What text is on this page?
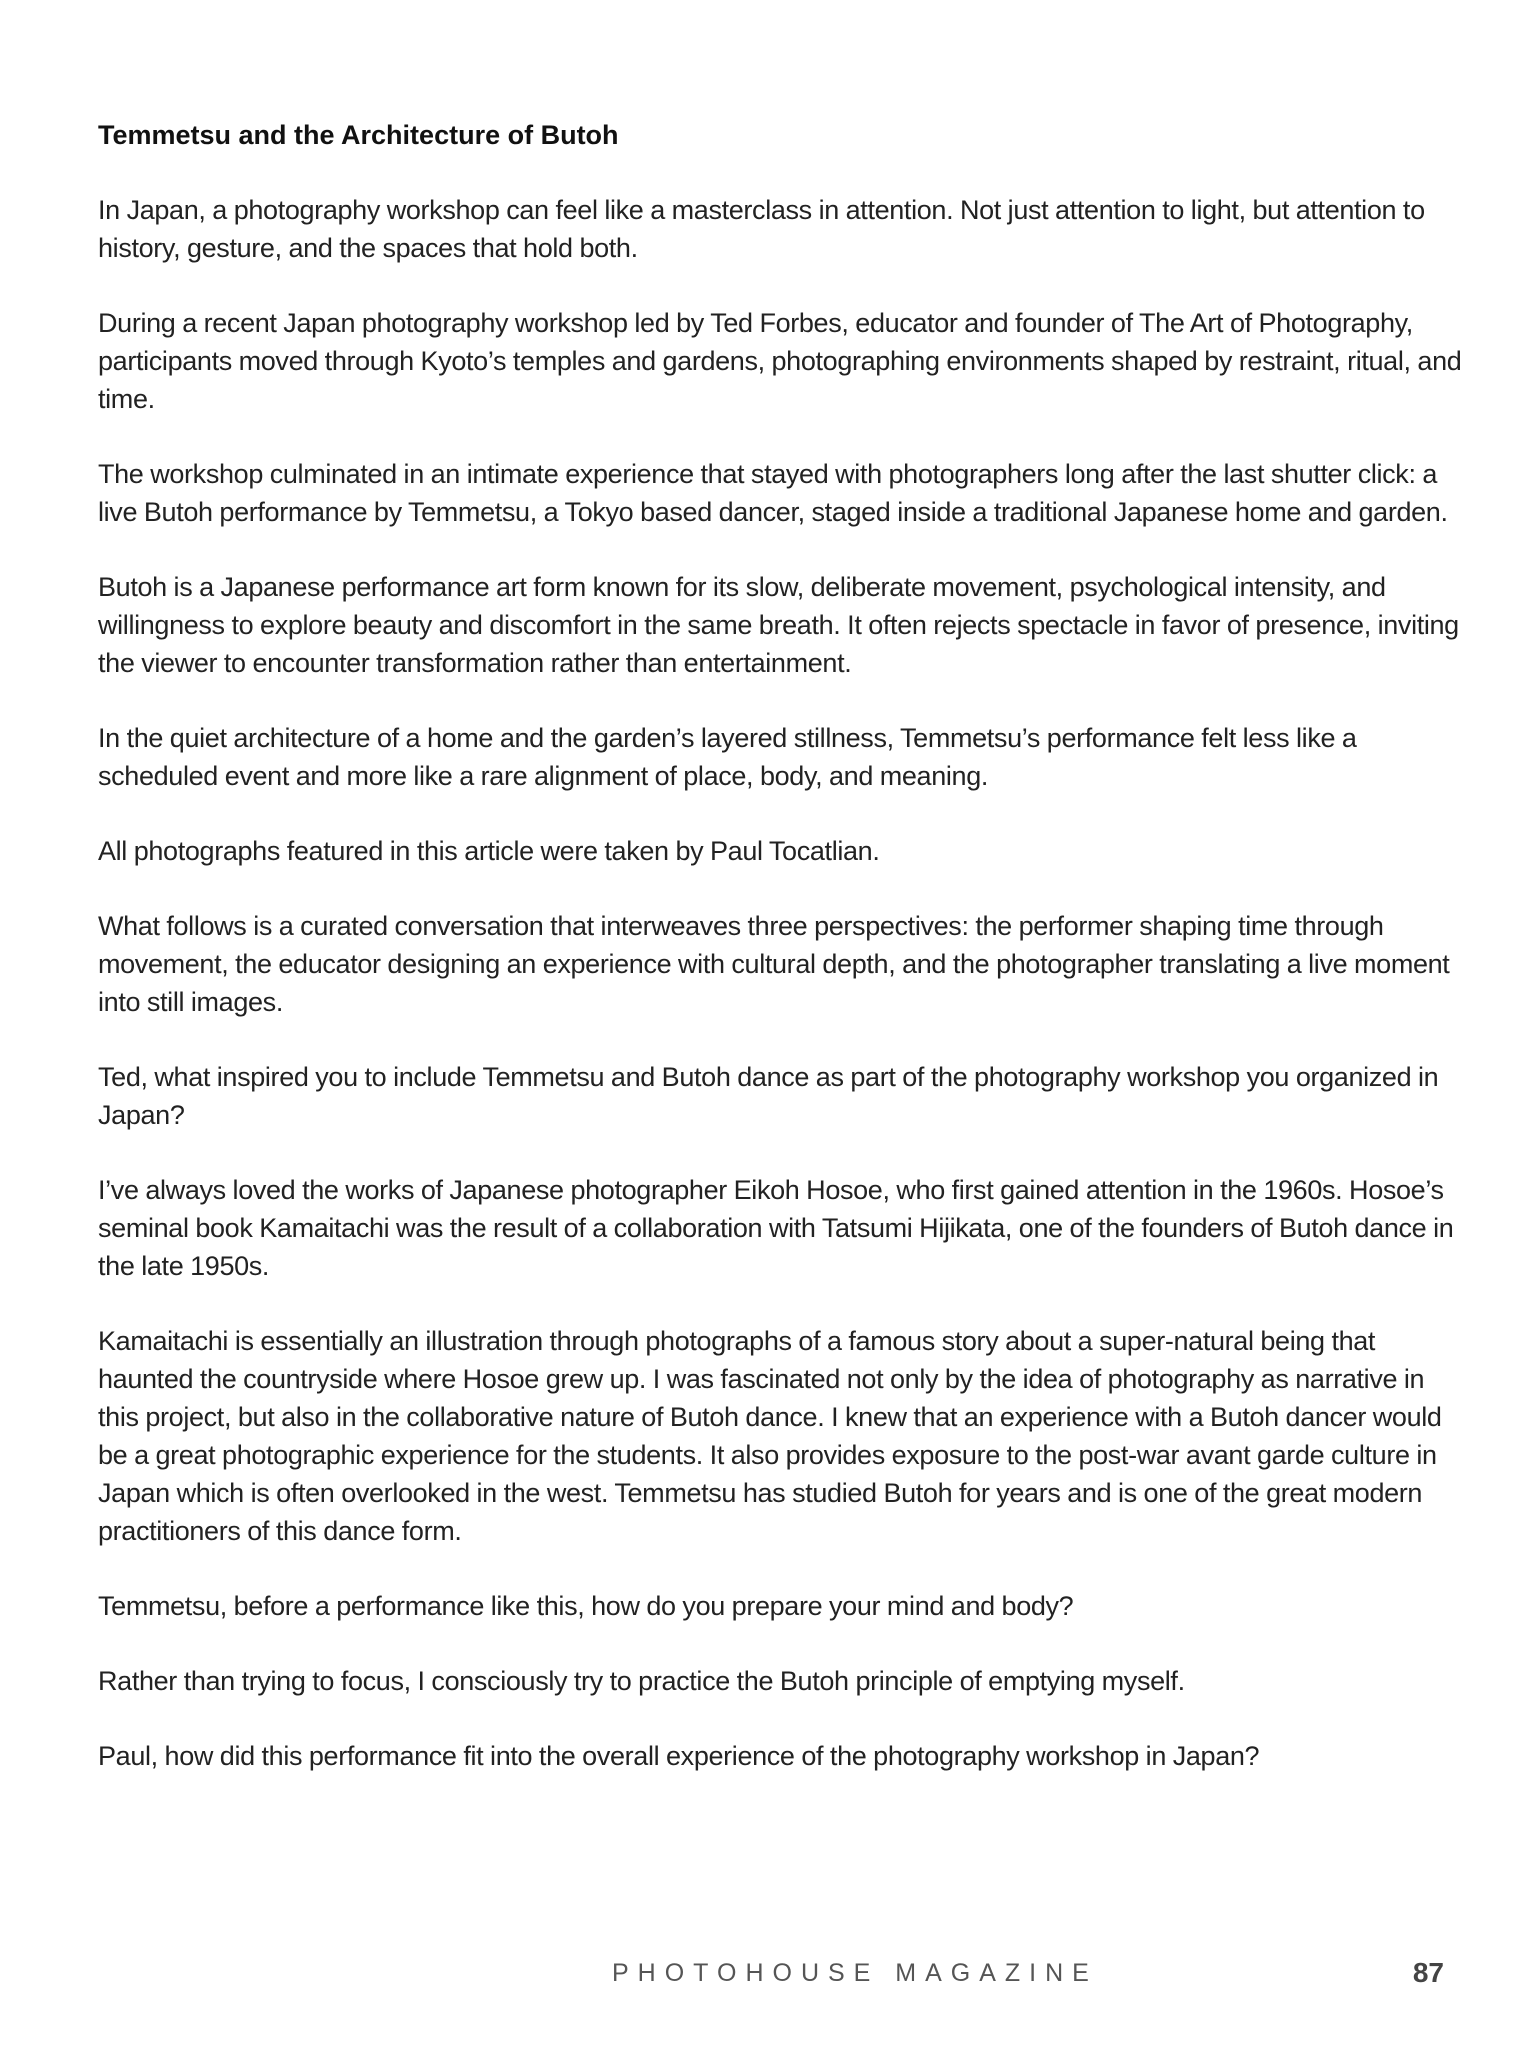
Temmetsu and the Architecture of Butoh

In Japan, a photography workshop can feel like a masterclass in attention. Not just attention to light, but attention to history, gesture, and the spaces that hold both.

During a recent Japan photography workshop led by Ted Forbes, educator and founder of The Art of Photography, participants moved through Kyoto’s temples and gardens, photographing environments shaped by restraint, ritual, and time.

The workshop culminated in an intimate experience that stayed with photographers long after the last shutter click: a live Butoh performance by Temmetsu, a Tokyo based dancer, staged inside a traditional Japanese home and garden.

Butoh is a Japanese performance art form known for its slow, deliberate movement, psychological intensity, and willingness to explore beauty and discomfort in the same breath. It often rejects spectacle in favor of presence, inviting the viewer to encounter transformation rather than entertainment.

In the quiet architecture of a home and the garden’s layered stillness, Temmetsu’s performance felt less like a scheduled event and more like a rare alignment of place, body, and meaning.

All photographs featured in this article were taken by Paul Tocatlian.

What follows is a curated conversation that interweaves three perspectives: the performer shaping time through movement, the educator designing an experience with cultural depth, and the photographer translating a live moment into still images.

Ted, what inspired you to include Temmetsu and Butoh dance as part of the photography workshop you organized in Japan?

I’ve always loved the works of Japanese photographer Eikoh Hosoe, who first gained attention in the 1960s. Hosoe’s seminal book Kamaitachi was the result of a collaboration with Tatsumi Hijikata, one of the founders of Butoh dance in the late 1950s.

Kamaitachi is essentially an illustration through photographs of a famous story about a super-natural being that haunted the countryside where Hosoe grew up. I was fascinated not only by the idea of photography as narrative in this project, but also in the collaborative nature of Butoh dance. I knew that an experience with a Butoh dancer would be a great photographic experience for the students. It also provides exposure to the post-war avant garde culture in Japan which is often overlooked in the west. Temmetsu has studied Butoh for years and is one of the great modern practitioners of this dance form.

Temmetsu, before a performance like this, how do you prepare your mind and body?

Rather than trying to focus, I consciously try to practice the Butoh principle of emptying myself.

Paul, how did this performance fit into the overall experience of the photography workshop in Japan?

PHOTOHOUSE MAGAZINE	87
